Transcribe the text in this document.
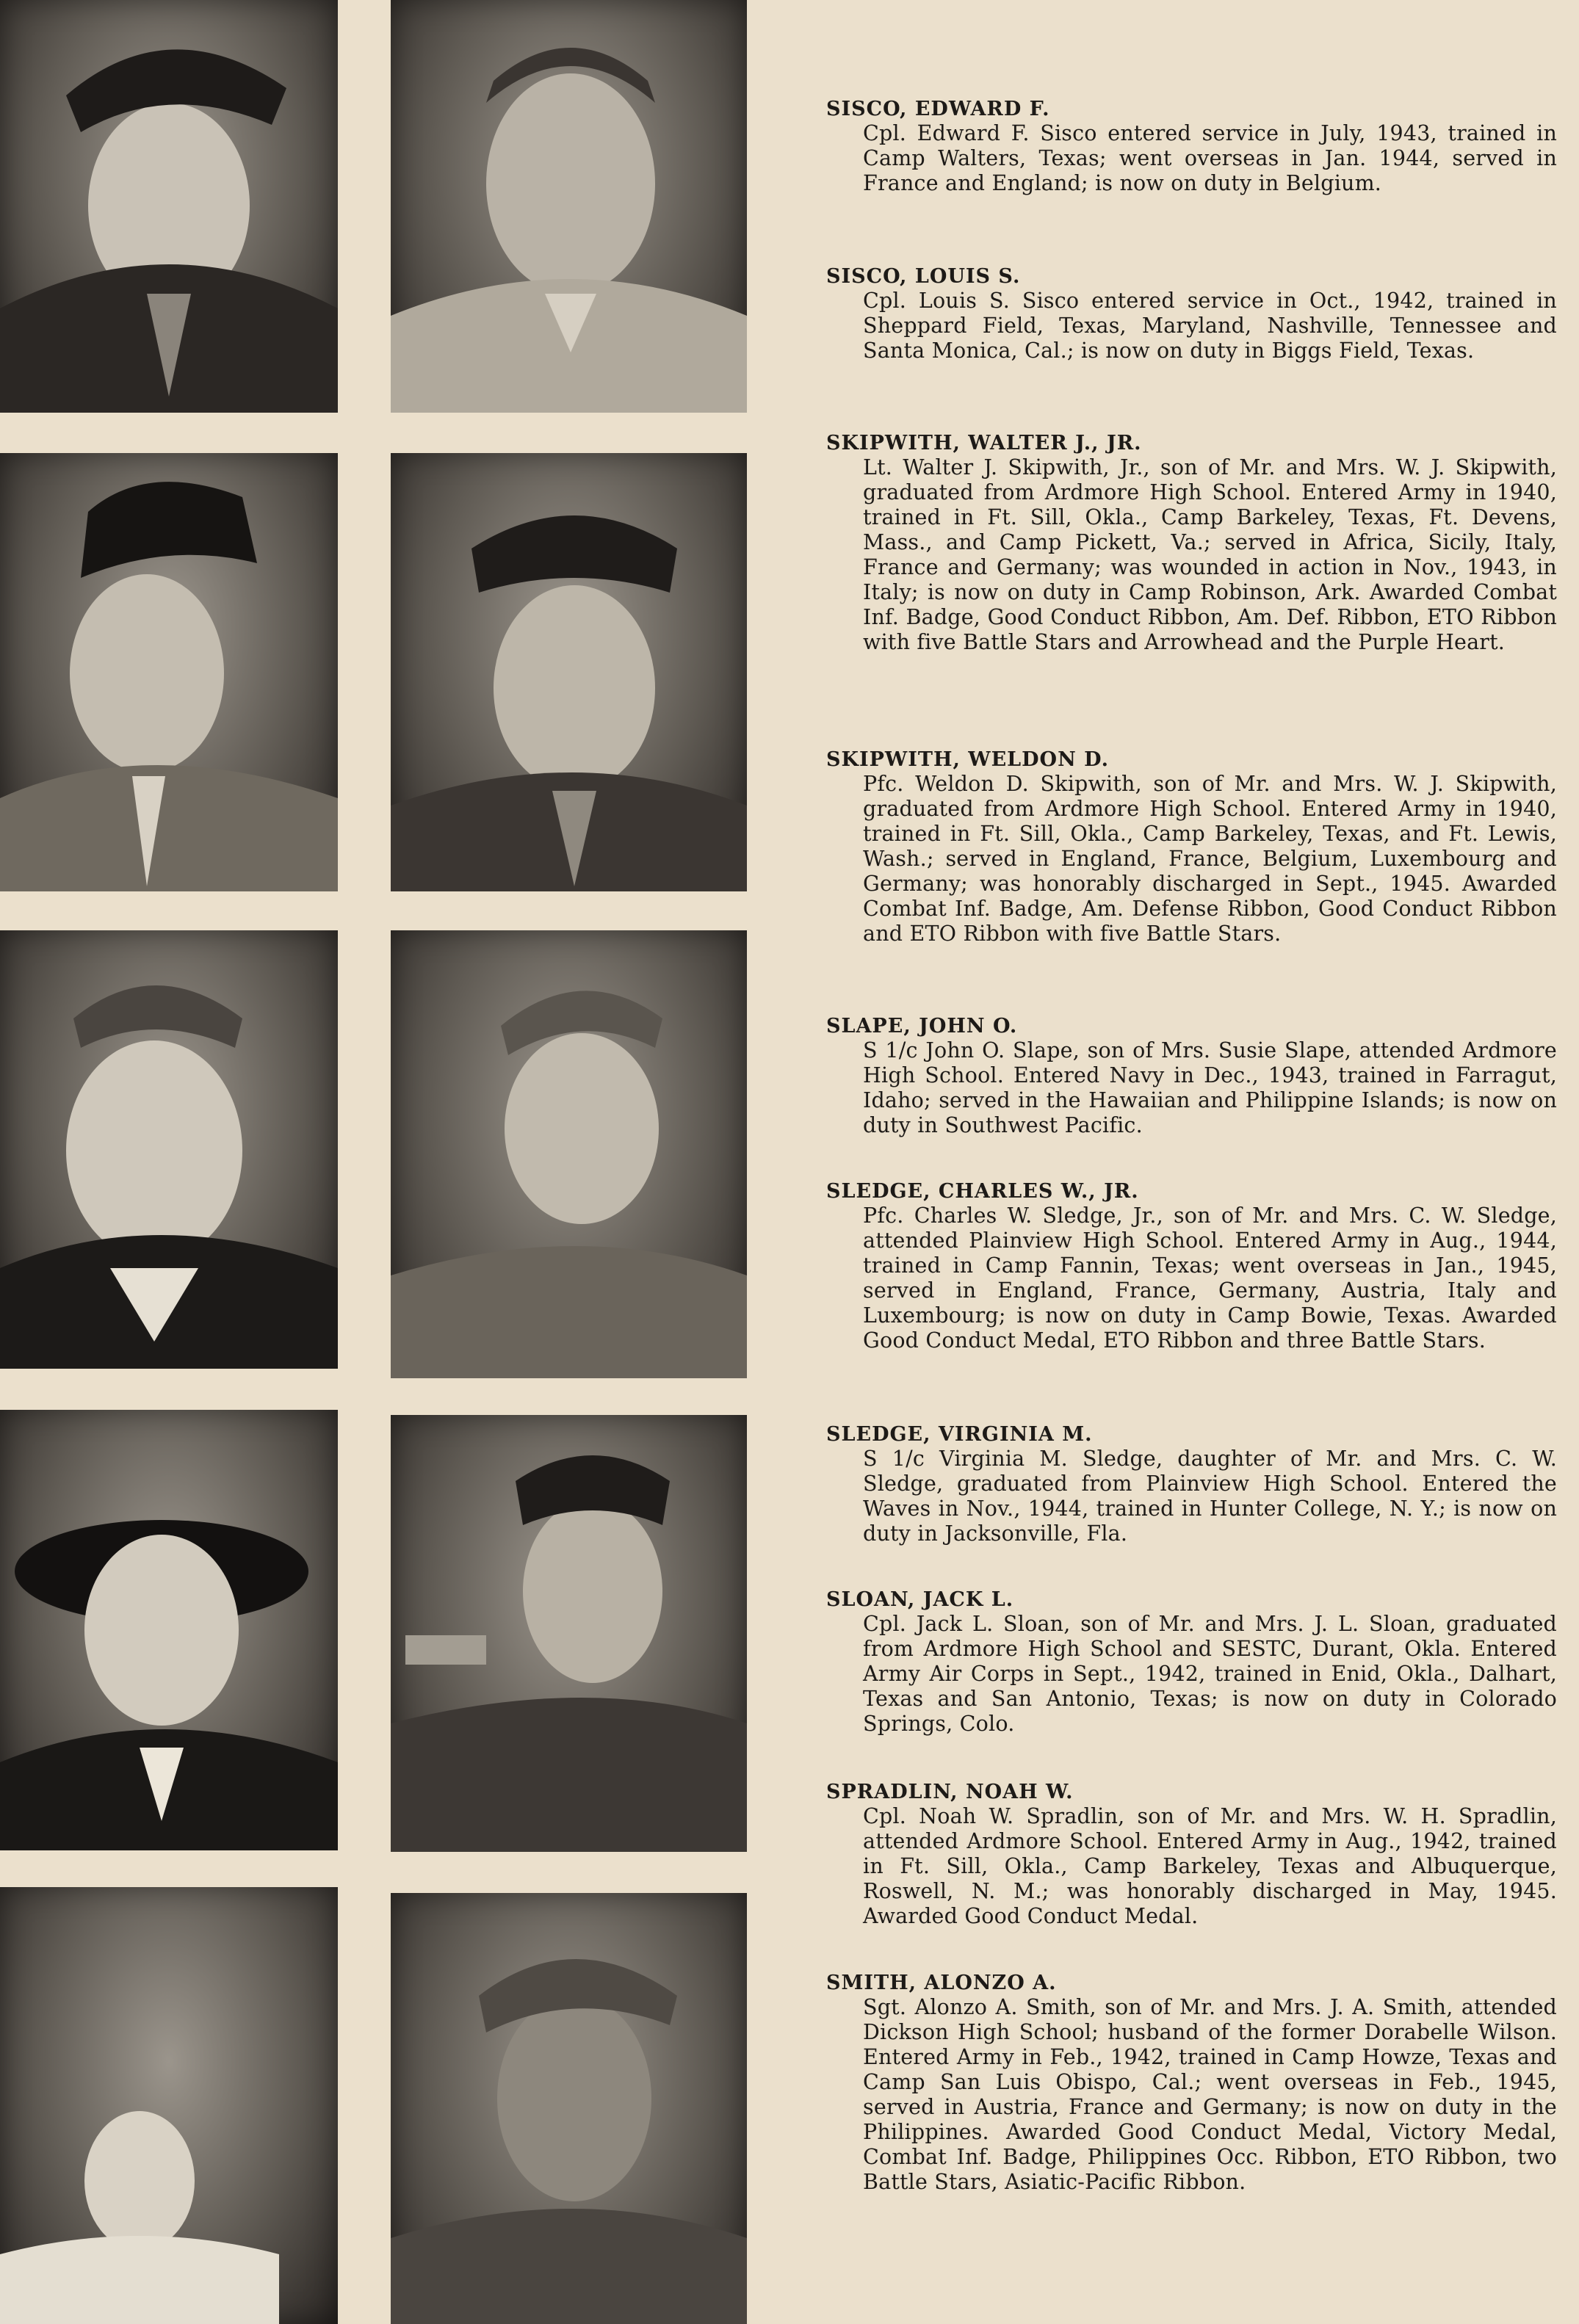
SISCO, EDWARD F.

Cpl. Edward F. Sisco entered service in July, 1943, trained in Camp Walters, Texas; went overseas in Jan. 1944, served in France and England; is now on duty in Belgium.

SISCO, LOUIS S.

Cpl. Louis S. Sisco entered service in Oct., 1942, trained in Sheppard Field, Texas, Maryland, Nashville, Tennessee and Santa Monica, Cal.; is now on duty in Biggs Field, Texas.

SKIPWITH, WALTER J., JR.

Lt. Walter J. Skipwith, Jr., son of Mr. and Mrs. W. J. Skipwith, graduated from Ardmore High School. Entered Army in 1940, trained in Ft. Sill, Okla., Camp Barkeley, Texas, Ft. Devens, Mass., and Camp Pickett, Va.; served in Africa, Sicily, Italy, France and Germany; was wounded in action in Nov., 1943, in Italy; is now on duty in Camp Robinson, Ark. Awarded Combat Inf. Badge, Good Conduct Ribbon, Am. Def. Ribbon, ETO Ribbon with five Battle Stars and Arrowhead and the Purple Heart.

SKIPWITH, WELDON D.

Pfc. Weldon D. Skipwith, son of Mr. and Mrs. W. J. Skipwith, graduated from Ardmore High School. Entered Army in 1940, trained in Ft. Sill, Okla., Camp Barkeley, Texas, and Ft. Lewis, Wash.; served in England, France, Belgium, Luxembourg and Germany; was honorably discharged in Sept., 1945. Awarded Combat Inf. Badge, Am. Defense Ribbon, Good Conduct Ribbon and ETO Ribbon with five Battle Stars.

SLAPE, JOHN O.

S 1/c John O. Slape, son of Mrs. Susie Slape, attended Ardmore High School. Entered Navy in Dec., 1943, trained in Farragut, Idaho; served in the Hawaiian and Philippine Islands; is now on duty in Southwest Pacific.

SLEDGE, CHARLES W., JR.

Pfc. Charles W. Sledge, Jr., son of Mr. and Mrs. C. W. Sledge, attended Plainview High School. Entered Army in Aug., 1944, trained in Camp Fannin, Texas; went overseas in Jan., 1945, served in England, France, Germany, Austria, Italy and Luxembourg; is now on duty in Camp Bowie, Texas. Awarded Good Conduct Medal, ETO Ribbon and three Battle Stars.

SLEDGE, VIRGINIA M.

S 1/c Virginia M. Sledge, daughter of Mr. and Mrs. C. W. Sledge, graduated from Plainview High School. Entered the Waves in Nov., 1944, trained in Hunter College, N. Y.; is now on duty in Jacksonville, Fla.

SLOAN, JACK L.

Cpl. Jack L. Sloan, son of Mr. and Mrs. J. L. Sloan, graduated from Ardmore High School and SESTC, Durant, Okla. Entered Army Air Corps in Sept., 1942, trained in Enid, Okla., Dalhart, Texas and San Antonio, Texas; is now on duty in Colorado Springs, Colo.

SPRADLIN, NOAH W.

Cpl. Noah W. Spradlin, son of Mr. and Mrs. W. H. Spradlin, attended Ardmore School. Entered Army in Aug., 1942, trained in Ft. Sill, Okla., Camp Barkeley, Texas and Albuquerque, Roswell, N. M.; was honorably discharged in May, 1945. Awarded Good Conduct Medal.

SMITH, ALONZO A.

Sgt. Alonzo A. Smith, son of Mr. and Mrs. J. A. Smith, attended Dickson High School; husband of the former Dorabelle Wilson. Entered Army in Feb., 1942, trained in Camp Howze, Texas and Camp San Luis Obispo, Cal.; went overseas in Feb., 1945, served in Austria, France and Germany; is now on duty in the Philippines. Awarded Good Conduct Medal, Victory Medal, Combat Inf. Badge, Philippines Occ. Ribbon, ETO Ribbon, two Battle Stars, Asiatic-Pacific Ribbon.
